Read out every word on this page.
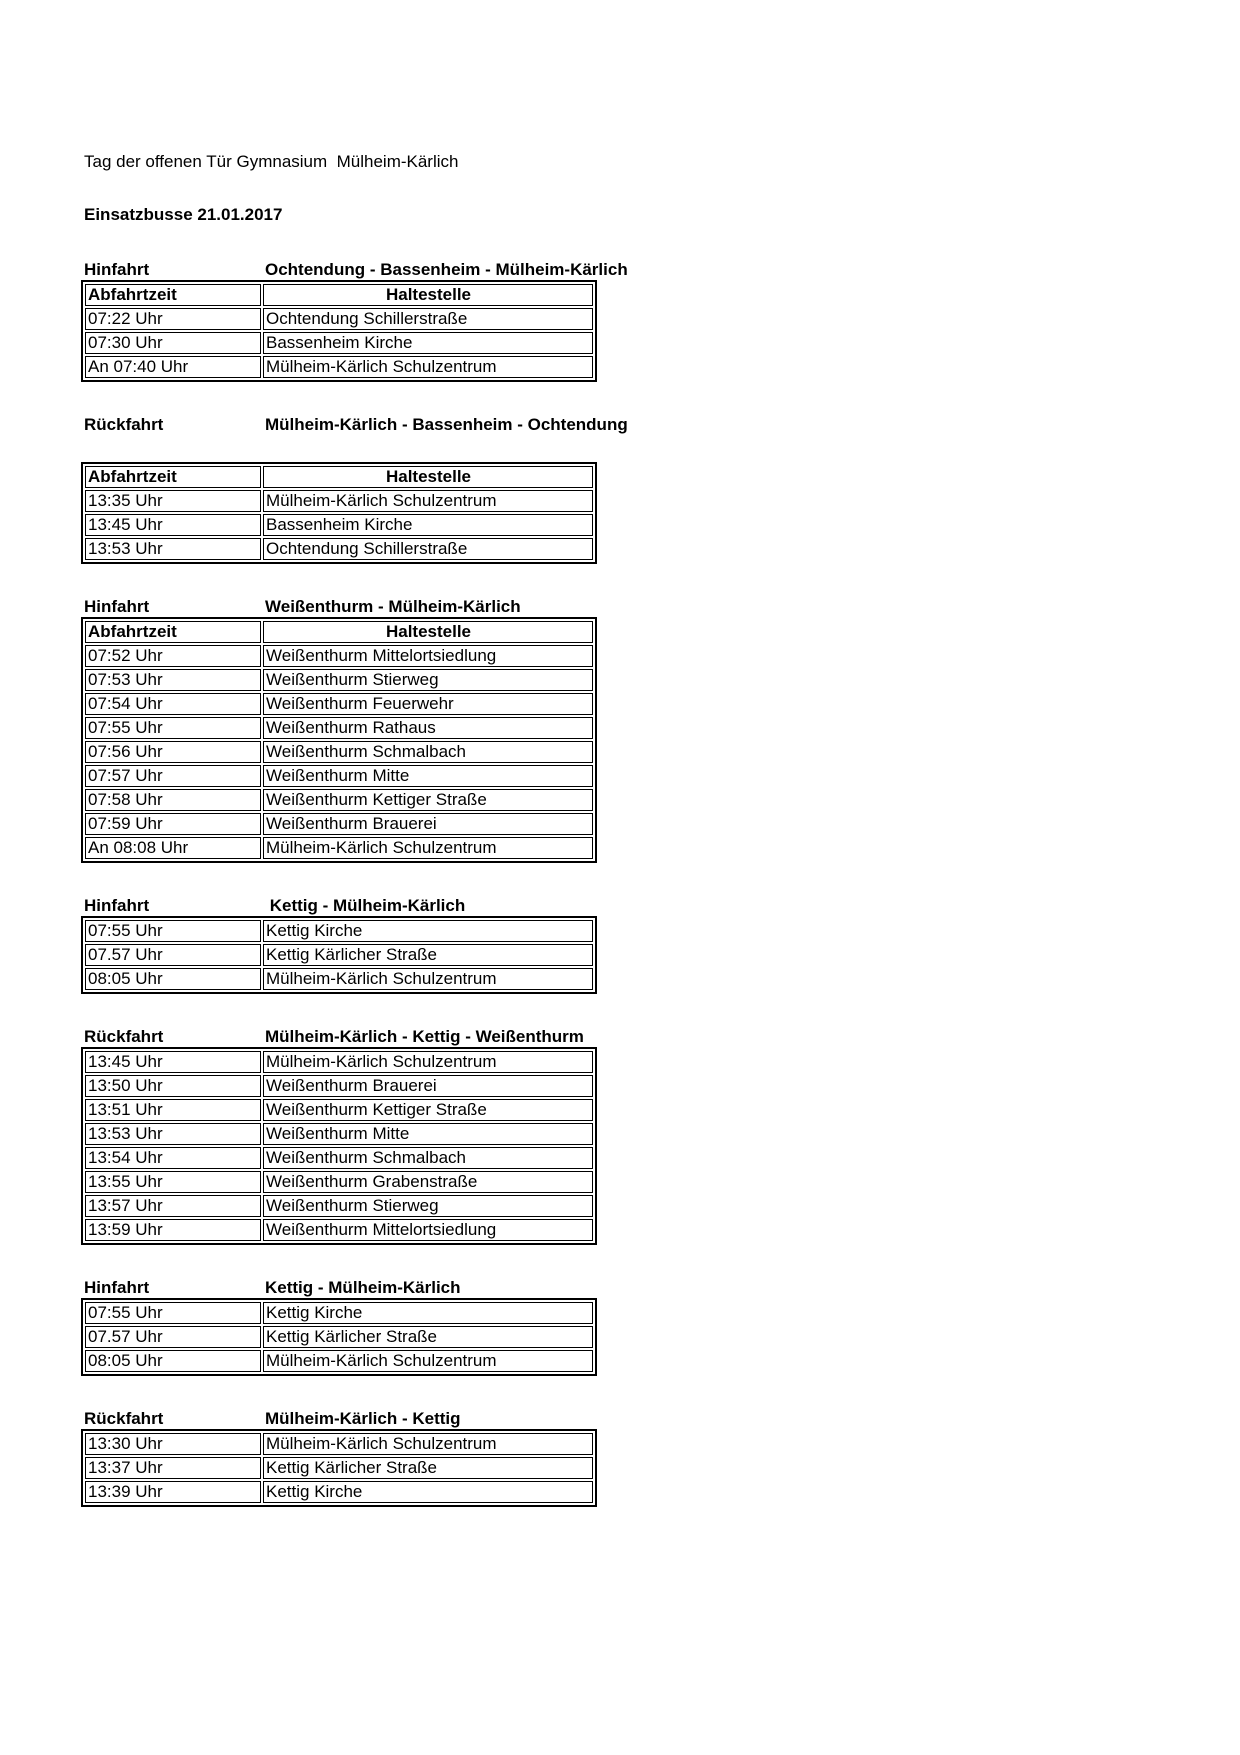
Tag der offenen Tür Gymnasium  Mülheim-Kärlich

Einsatzbusse 21.01.2017

Hinfahrt	Ochtendung - Bassenheim - Mülheim-Kärlich
Abfahrtzeit	Haltestelle
07:22 Uhr	Ochtendung Schillerstraße
07:30 Uhr	Bassenheim Kirche
An 07:40 Uhr	Mülheim-Kärlich Schulzentrum
Rückfahrt	Mülheim-Kärlich - Bassenheim - Ochtendung
Abfahrtzeit	Haltestelle
13:35 Uhr	Mülheim-Kärlich Schulzentrum
13:45 Uhr	Bassenheim Kirche
13:53 Uhr	Ochtendung Schillerstraße
Hinfahrt	Weißenthurm - Mülheim-Kärlich
Abfahrtzeit	Haltestelle
07:52 Uhr	Weißenthurm Mittelortsiedlung
07:53 Uhr	Weißenthurm Stierweg
07:54 Uhr	Weißenthurm Feuerwehr
07:55 Uhr	Weißenthurm Rathaus
07:56 Uhr	Weißenthurm Schmalbach
07:57 Uhr	Weißenthurm Mitte
07:58 Uhr	Weißenthurm Kettiger Straße
07:59 Uhr	Weißenthurm Brauerei
An 08:08 Uhr	Mülheim-Kärlich Schulzentrum
Hinfahrt	Kettig - Mülheim-Kärlich
07:55 Uhr	Kettig Kirche
07.57 Uhr	Kettig Kärlicher Straße
08:05 Uhr	Mülheim-Kärlich Schulzentrum
Rückfahrt	Mülheim-Kärlich - Kettig - Weißenthurm
13:45 Uhr	Mülheim-Kärlich Schulzentrum
13:50 Uhr	Weißenthurm Brauerei
13:51 Uhr	Weißenthurm Kettiger Straße
13:53 Uhr	Weißenthurm Mitte
13:54 Uhr	Weißenthurm Schmalbach
13:55 Uhr	Weißenthurm Grabenstraße
13:57 Uhr	Weißenthurm Stierweg
13:59 Uhr	Weißenthurm Mittelortsiedlung
Hinfahrt	Kettig - Mülheim-Kärlich
07:55 Uhr	Kettig Kirche
07.57 Uhr	Kettig Kärlicher Straße
08:05 Uhr	Mülheim-Kärlich Schulzentrum
Rückfahrt	Mülheim-Kärlich - Kettig
13:30 Uhr	Mülheim-Kärlich Schulzentrum
13:37 Uhr	Kettig Kärlicher Straße
13:39 Uhr	Kettig Kirche
